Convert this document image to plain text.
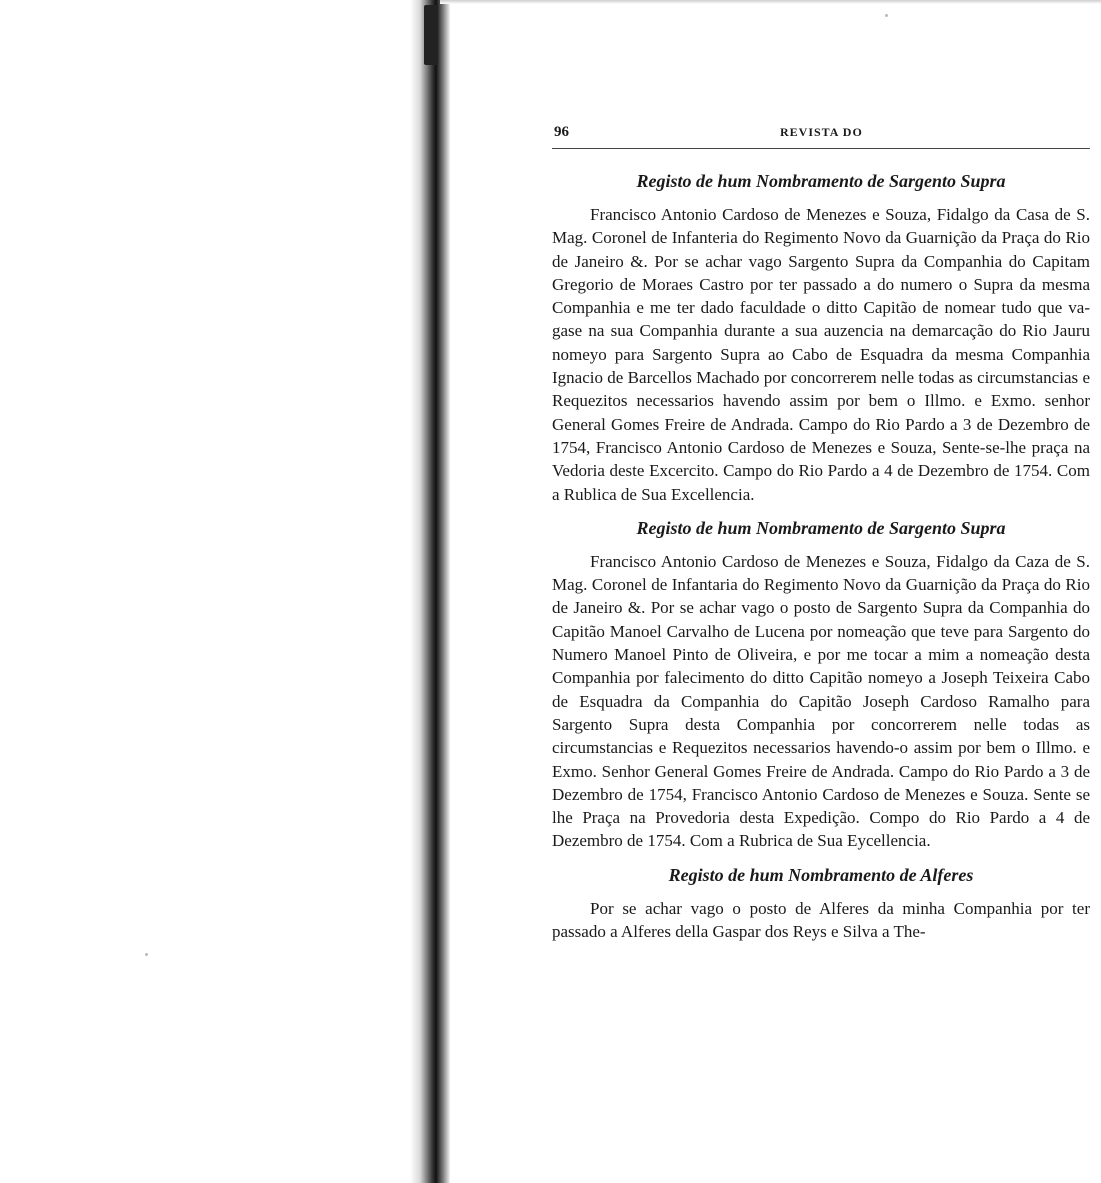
96	REVISTA DO
Registo de hum Nombramento de Sargento Supra

Francisco Antonio Cardoso de Menezes e Souza, Fidalgo da Casa de S. Mag. Coronel de Infanteria do Regimento Novo da Guarnição da Praça do Rio de Janeiro &. Por se achar vago Sargento Supra da Companhia do Capitam Gregorio de Moraes Castro por ter passado a do numero o Supra da mesma Companhia e me ter dado faculdade o ditto Capitão de nomear tudo que vagase na sua Companhia durante a sua auzencia na demarcação do Rio Jauru nomeyo para Sargento Supra ao Cabo de Esquadra da mesma Companhia Ignacio de Barcellos Machado por concorrerem nelle todas as circumstancias e Requezitos necessarios havendo assim por bem o Illmo. e Exmo. senhor General Gomes Freire de Andrada. Campo do Rio Pardo a 3 de Dezembro de 1754, Francisco Antonio Cardoso de Menezes e Souza, Sente-se-lhe praça na Vedoria deste Excercito. Campo do Rio Pardo a 4 de Dezembro de 1754. Com a Rublica de Sua Excellencia.

Registo de hum Nombramento de Sargento Supra

Francisco Antonio Cardoso de Menezes e Souza, Fidalgo da Caza de S. Mag. Coronel de Infantaria do Regimento Novo da Guarnição da Praça do Rio de Janeiro &. Por se achar vago o posto de Sargento Supra da Companhia do Capitão Manoel Carvalho de Lucena por nomeação que teve para Sargento do Numero Manoel Pinto de Oliveira, e por me tocar a mim a nomeação desta Companhia por falecimento do ditto Capitão nomeyo a Joseph Teixeira Cabo de Esquadra da Companhia do Capitão Joseph Cardoso Ramalho para Sargento Supra desta Companhia por concorrerem nelle todas as circumstancias e Requezitos necessarios havendo-o assim por bem o Illmo. e Exmo. Senhor General Gomes Freire de Andrada. Campo do Rio Pardo a 3 de Dezembro de 1754, Francisco Antonio Cardoso de Menezes e Souza. Sente se lhe Praça na Provedoria desta Expedição. Compo do Rio Pardo a 4 de Dezembro de 1754. Com a Rubrica de Sua Eycellencia.

Registo de hum Nombramento de Alferes

Por se achar vago o posto de Alferes da minha Companhia por ter passado a Alferes della Gaspar dos Reys e Silva a The-
